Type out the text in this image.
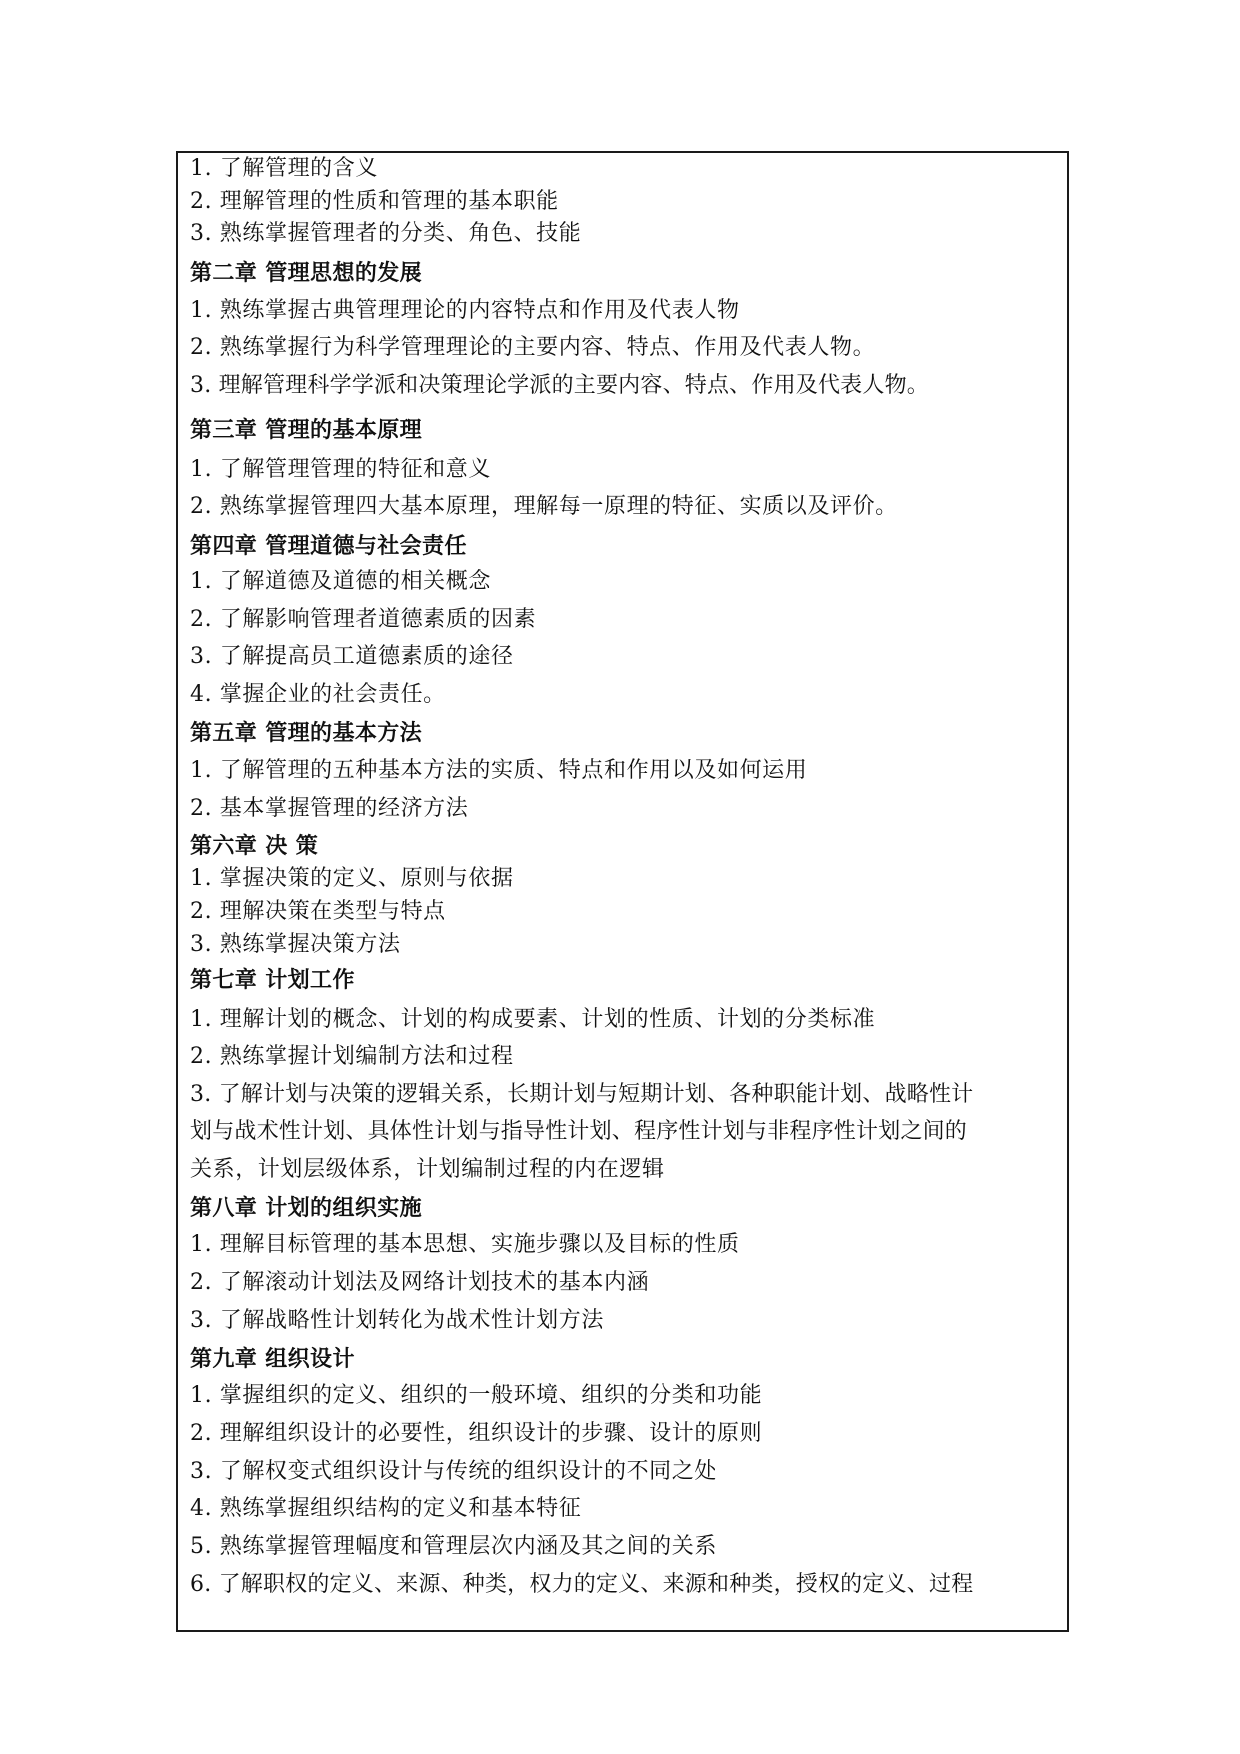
1. 了解管理的含义
2. 理解管理的性质和管理的基本职能
3. 熟练掌握管理者的分类、角色、技能
第二章 管理思想的发展
1. 熟练掌握古典管理理论的内容特点和作用及代表人物
2. 熟练掌握行为科学管理理论的主要内容、特点、作用及代表人物。
3. 理解管理科学学派和决策理论学派的主要内容、特点、作用及代表人物。
第三章 管理的基本原理
1. 了解管理管理的特征和意义
2. 熟练掌握管理四大基本原理，理解每一原理的特征、实质以及评价。
第四章 管理道德与社会责任
1. 了解道德及道德的相关概念
2. 了解影响管理者道德素质的因素
3. 了解提高员工道德素质的途径
4. 掌握企业的社会责任。
第五章 管理的基本方法
1. 了解管理的五种基本方法的实质、特点和作用以及如何运用
2. 基本掌握管理的经济方法
第六章 决 策
1. 掌握决策的定义、原则与依据
2. 理解决策在类型与特点
3. 熟练掌握决策方法
第七章 计划工作
1. 理解计划的概念、计划的构成要素、计划的性质、计划的分类标准
2. 熟练掌握计划编制方法和过程
3. 了解计划与决策的逻辑关系，长期计划与短期计划、各种职能计划、战略性计
划与战术性计划、具体性计划与指导性计划、程序性计划与非程序性计划之间的
关系，计划层级体系，计划编制过程的内在逻辑
第八章 计划的组织实施
1. 理解目标管理的基本思想、实施步骤以及目标的性质
2. 了解滚动计划法及网络计划技术的基本内涵
3. 了解战略性计划转化为战术性计划方法
第九章 组织设计
1. 掌握组织的定义、组织的一般环境、组织的分类和功能
2. 理解组织设计的必要性，组织设计的步骤、设计的原则
3. 了解权变式组织设计与传统的组织设计的不同之处
4. 熟练掌握组织结构的定义和基本特征
5. 熟练掌握管理幅度和管理层次内涵及其之间的关系
6. 了解职权的定义、来源、种类，权力的定义、来源和种类，授权的定义、过程
